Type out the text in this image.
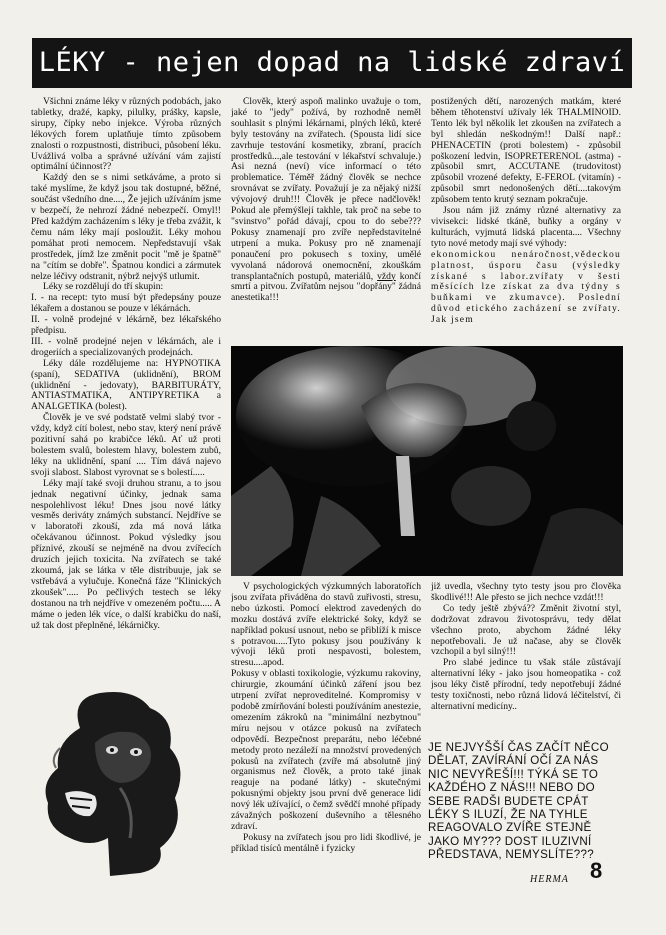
LÉKY - nejen dopad na lidské zdraví

Všichni známe léky v různých podobách, jako tabletky, dražé, kapky, pilulky, prášky, kapsle, sirupy, čípky nebo injekce. Výroba různých lékových forem uplatňuje tímto způsobem znalosti o rozpustnosti, distribuci, působení léku. Uvážlivá volba a správné užívání vám zajistí optimální účinnost??

Každý den se s nimi setkáváme, a proto si také myslíme, že když jsou tak dostupné, běžné, součást všedního dne...., Že jejich užíváním jsme v bezpečí, že nehrozí žádné nebezpečí. Omyl!! Před každým zacházením s léky je třeba zvážit, k čemu nám léky mají posloužit. Léky mohou pomáhat proti nemocem. Nepředstavují však prostředek, jímž lze změnit pocit "mě je špatně" na "cítím se dobře". Špatnou kondici a zármutek nelze léčivy odstranit, nýbrž nejvýš utlumit.

Léky se rozdělují do tří skupin:

I. - na recept: tyto musí být předepsány pouze lékařem a dostanou se pouze v lékárnách.

II. - volně prodejné v lékárně, bez lékařského předpisu.

III. - volně prodejné nejen v lékárnách, ale i drogeriích a specializovaných prodejnách.

Léky dále rozdělujeme na: HYPNOTIKA (spaní), SEDATIVA (uklidnění), BROM (uklidnění - jedovaty), BARBITURÁTY, ANTIASTMATIKA, ANTIPYRETIKA a ANALGETIKA (bolest).

Člověk je ve své podstatě velmi slabý tvor - vždy, když cítí bolest, nebo stav, který není právě pozitivní sahá po krabičce léků. Ať už proti bolestem svalů, bolestem hlavy, bolestem zubů, léky na uklidnění, spaní .... Tím dává najevo svoji slabost. Slabost vyrovnat se s bolestí.....

Léky mají také svoji druhou stranu, a to jsou jednak negativní účinky, jednak sama nespolehlivost léku! Dnes jsou nové látky vesměs deriváty známých substancí. Nejdříve se v laboratoři zkouší, zda má nová látka očekávanou účinnost. Pokud výsledky jsou příznivé, zkouší se nejméně na dvou zvířecích druzích jejich toxicita. Na zvířatech se také zkoumá, jak se látka v těle distribuuje, jak se vstřebává a vylučuje. Konečná fáze "Klinických zkoušek"..... Po pečlivých testech se léky dostanou na trh nejdříve v omezeném počtu..... A máme o jeden lék více, o další krabičku do naší, už tak dost přeplněné, lékárničky.

Člověk, který aspoň malinko uvažuje o tom, jaké to "jedy" požívá, by rozhodně neměl souhlasit s plnými lékárnami, plných léků, které byly testovány na zvířatech. (Spousta lidí sice zavrhuje testování kosmetiky, zbraní, pracích prostředků...,ale testování v lékařství schvaluje.) Asi nezná (neví) více informací o této problematice. Téměř žádný člověk se nechce srovnávat se zvířaty. Považují je za nějaký nižší vývojový druh!!! Člověk je přece nadčlověk! Pokud ale přemýšlejí takhle, tak proč na sebe to "svinstvo" pořád dávají, cpou to do sebe??? Pokusy znamenají pro zvíře nepředstavitelné utrpení a muka. Pokusy pro ně znamenají ponaučení pro pokusech s toxiny, umělé vyvolaná nádorová onemocnění, zkouškám transplantačních postupů, materiálů, vždy končí smrtí a pitvou. Zvířatům nejsou "dopřány" žádná anestetika!!!

postižených dětí, narozených matkám, které během těhotenství užívaly lék THALMINOID. Tento lék byl několik let zkoušen na zvířatech a byl shledán neškodným!! Další např.: PHENACETIN (proti bolestem) - způsobil poškození ledvin, ISOPRETERENOL (astma) - způsobil smrt, ACCUTANE (trudovitost) způsobil vrozené defekty, E-FEROL (vitamín) - způsobil smrt nedonošených dětí....takovým způsobem tento krutý seznam pokračuje.

Jsou nám již známy různé alternativy za vivisekci: lidské tkáně, buňky a orgány v kulturách, vyjmutá lidská placenta.... Všechny tyto nové metody mají své výhody:

ekonomickou nenáročnost,vědeckou platnost, úsporu času (výsledky získané s labor.zvířaty v šesti měsících lze získat za dva týdny s buňkami ve zkumavce). Poslední důvod etického zacházení se zvířaty. Jak jsem

V psychologických výzkumných laboratořích jsou zvířata přiváděna do stavů zuřivosti, stresu, nebo úzkosti. Pomocí elektrod zavedených do mozku dostává zvíře elektrické šoky, když se například pokusí usnout, nebo se přiblíží k misce s potravou.....Tyto pokusy jsou používány k vývoji léků proti nespavosti, bolestem, stresu....apod.

Pokusy v oblasti toxikologie, výzkumu rakoviny, chirurgie, zkoumání účinků záření jsou bez utrpení zvířat neproveditelné. Kompromisy v podobě zmírňování bolesti používáním anestezie, omezením zákroků na "minimální nezbytnou" míru nejsou v otázce pokusů na zvířatech odpovědí. Bezpečnost preparátu, nebo léčebné metody proto nezáleží na množství provedených pokusů na zvířatech (zvíře má absolutně jiný organismus než člověk, a proto také jinak reaguje na podané látky) - skutečnými pokusnými objekty jsou první dvě generace lidí nový lék užívající, o čemž svědčí mnohé případy závažných poškození duševního a tělesného zdraví.

Pokusy na zvířatech jsou pro lidi škodlivé, je příklad tisíců mentálně i fyzicky

již uvedla, všechny tyto testy jsou pro člověka škodlivé!!! Ale přesto se jich nechce vzdát!!!

Co tedy ještě zbývá?? Změnit životní styl, dodržovat zdravou životosprávu, tedy dělat všechno proto, abychom žádné léky nepotřebovali. Je už načase, aby se člověk vzchopil a byl silný!!!

Pro slabé jedince tu však stále zůstávají alternativní léky - jako jsou homeopatika - což jsou léky čistě přírodní, tedy nepotřebují žádné testy toxičnosti, nebo různá lidová léčitelství, či alternativní medicíny..

JE NEJVYŠŠÍ ČAS ZAČÍT NĚCO DĚLAT, ZAVÍRÁNÍ OČÍ ZA NÁS NIC NEVYŘEŠÍ!!! TÝKÁ SE TO KAŽDÉHO Z NÁS!!! NEBO DO SEBE RADŠI BUDETE CPÁT LÉKY S ILUZÍ, ŽE NA TYHLE REAGOVALO ZVÍŘE STEJNĚ JAKO MY??? DOST ILUZIVNÍ PŘEDSTAVA, NEMYSLÍTE???
HERMA 8
